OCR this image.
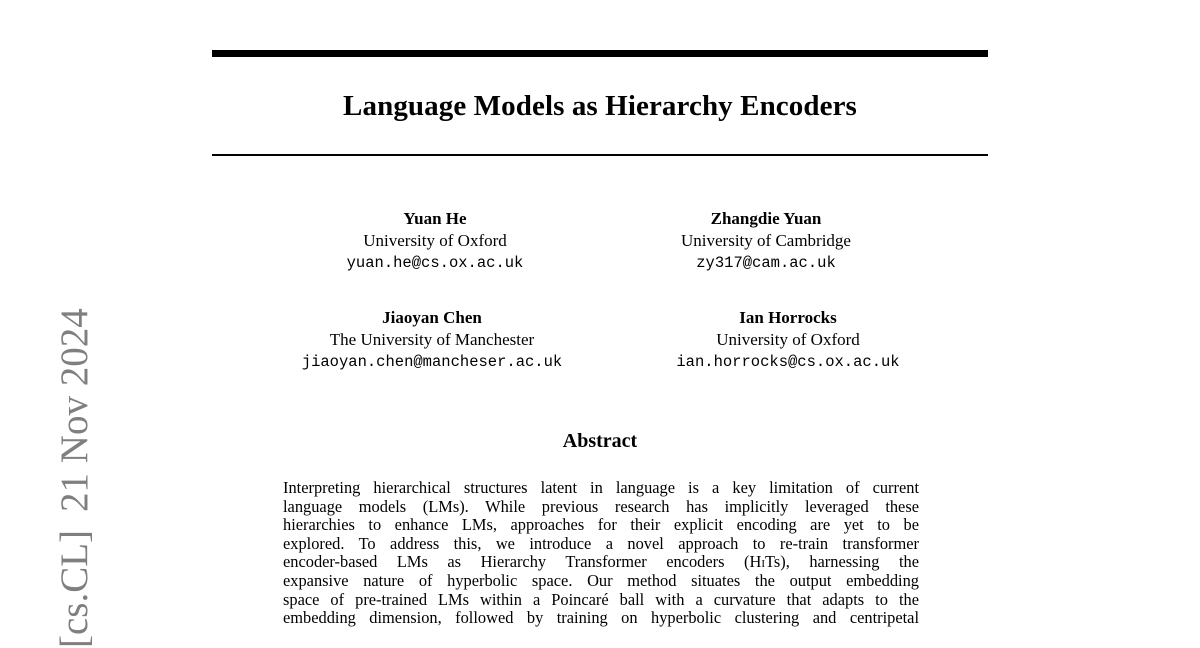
Language Models as Hierarchy Encoders
Yuan He
University of Oxford
yuan.he@cs.ox.ac.uk
Zhangdie Yuan
University of Cambridge
zy317@cam.ac.uk
Jiaoyan Chen
The University of Manchester
jiaoyan.chen@mancheser.ac.uk
Ian Horrocks
University of Oxford
ian.horrocks@cs.ox.ac.uk
Abstract
Interpreting hierarchical structures latent in language is a key limitation of current
language models (LMs). While previous research has implicitly leveraged these
hierarchies to enhance LMs, approaches for their explicit encoding are yet to be
explored. To address this, we introduce a novel approach to re-train transformer
encoder-based LMs as Hierarchy Transformer encoders (HiTs), harnessing the
expansive nature of hyperbolic space. Our method situates the output embedding
space of pre-trained LMs within a Poincaré ball with a curvature that adapts to the
embedding dimension, followed by training on hyperbolic clustering and centripetal
[cs.CL]21 Nov 2024
